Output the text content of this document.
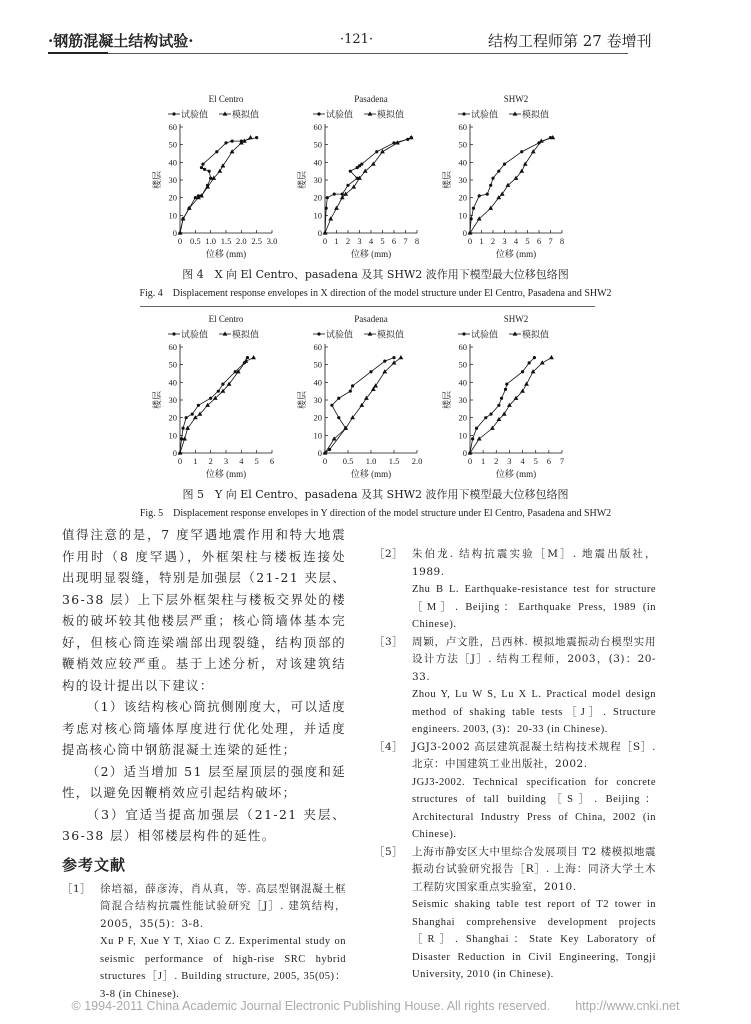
·钢筋混凝土结构试验·	·121·	结构工程师第 27 卷增刊
El Centro
试验值	模拟值
0
10
20
30
40
50
60
0 0.5 1.0 1.5 2.0 2.5 3.0
位移 (mm)
楼层
Pasadena
试验值	模拟值
0
10
20
30
40
50
60
0 1 2 3 4 5 6 7 8
位移 (mm)
楼层
SHW2
试验值	模拟值
0
10
20
30
40
50
60
0 1 2 3 4 5 6 7 8
位移 (mm)
楼层
图 4　X 向 El Centro、pasadena 及其 SHW2 波作用下模型最大位移包络图
Fig. 4　Displacement response envelopes in X direction of the model structure under El Centro, Pasadena and SHW2
El Centro
试验值	模拟值
0
10
20
30
40
50
60
0 1 2 3 4 5 6
位移 (mm)
楼层
Pasadena
试验值	模拟值
0
10
20
30
40
50
60
0 0.5 1.0 1.5 2.0
位移 (mm)
楼层
SHW2
试验值	模拟值
0
10
20
30
40
50
60
0 1 2 3 4 5 6 7
位移 (mm)
楼层
图 5　Y 向 El Centro、pasadena 及其 SHW2 波作用下模型最大位移包络图
Fig. 5　Displacement response envelopes in Y direction of the model structure under El Centro, Pasadena and SHW2
值得注意的是，7 度罕遇地震作用和特大地震作用时（8 度罕遇），外框架柱与楼板连接处出现明显裂缝，特别是加强层（21-21 夹层、36-38 层）上下层外框架柱与楼板交界处的楼板的破坏较其他楼层严重；核心筒墙体基本完好，但核心筒连梁端部出现裂缝，结构顶部的鞭梢效应较严重。基于上述分析，对该建筑结构的设计提出以下建议：

（1）该结构核心筒抗侧刚度大，可以适度考虑对核心筒墙体厚度进行优化处理，并适度提高核心筒中钢筋混凝土连梁的延性；

（2）适当增加 51 层至屋顶层的强度和延性，以避免因鞭梢效应引起结构破坏；

（3）宜适当提高加强层（21-21 夹层、36-38 层）相邻楼层构件的延性。

参考文献
［1］ 徐培福，薛彦涛，肖从真，等. 高层型钢混凝土框筒混合结构抗震性能试验研究［J］. 建筑结构，2005，35(5)：3-8.
Xu P F, Xue Y T, Xiao C Z. Experimental study on seismic performance of high-rise SRC hybrid structures［J］. Building structure, 2005, 35(05)：3-8 (in Chinese).
［2］ 朱伯龙. 结构抗震实验［M］. 地震出版社，1989.
Zhu B L. Earthquake-resistance test for structure［M］. Beijing：Earthquake Press, 1989 (in Chinese).
［3］ 周颖，卢文胜，吕西林. 模拟地震振动台模型实用设计方法［J］. 结构工程师，2003，(3)：20-33.
Zhou Y, Lu W S, Lu X L. Practical model design method of shaking table tests［J］. Structure engineers. 2003, (3)：20-33 (in Chinese).
［4］ JGJ3-2002 高层建筑混凝土结构技术规程［S］. 北京：中国建筑工业出版社，2002.
JGJ3-2002. Technical specification for concrete structures of tall building［S］. Beijing：Architectural Industry Press of China, 2002 (in Chinese).
［5］ 上海市静安区大中里综合发展项目 T2 楼模拟地震振动台试验研究报告［R］. 上海：同济大学土木工程防灾国家重点实验室，2010.
Seismic shaking table test report of T2 tower in Shanghai comprehensive development projects［R］. Shanghai：State Key Laboratory of Disaster Reduction in Civil Engineering, Tongji University, 2010 (in Chinese).
© 1994-2011 China Academic Journal Electronic Publishing House. All rights reserved.　　http://www.cnki.net
